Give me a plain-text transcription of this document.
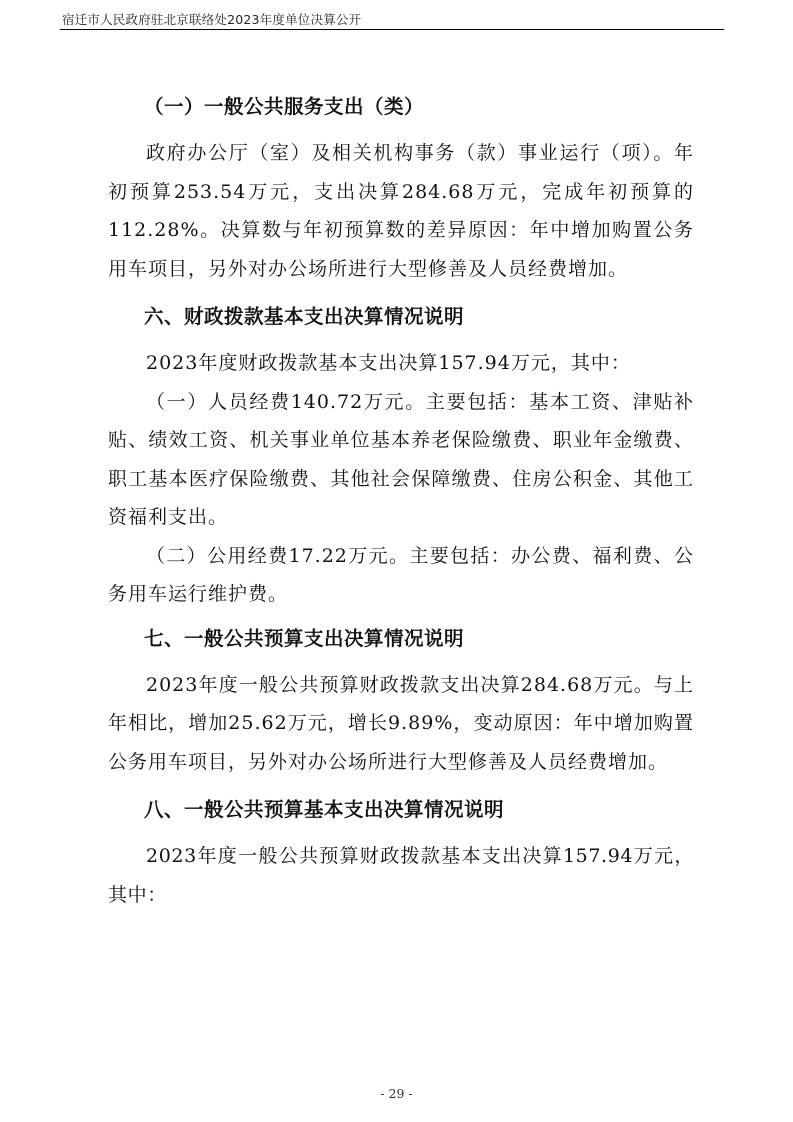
宿迁市人民政府驻北京联络处2023年度单位决算公开
（一）一般公共服务支出（类）
政府办公厅（室）及相关机构事务（款）事业运行（项）。年初预算253.54万元，支出决算284.68万元，完成年初预算的112.28%。决算数与年初预算数的差异原因：年中增加购置公务用车项目，另外对办公场所进行大型修善及人员经费增加。
六、财政拨款基本支出决算情况说明
2023年度财政拨款基本支出决算157.94万元，其中：
（一）人员经费140.72万元。主要包括：基本工资、津贴补贴、绩效工资、机关事业单位基本养老保险缴费、职业年金缴费、职工基本医疗保险缴费、其他社会保障缴费、住房公积金、其他工资福利支出。
（二）公用经费17.22万元。主要包括：办公费、福利费、公务用车运行维护费。
七、一般公共预算支出决算情况说明
2023年度一般公共预算财政拨款支出决算284.68万元。与上年相比，增加25.62万元，增长9.89%，变动原因：年中增加购置公务用车项目，另外对办公场所进行大型修善及人员经费增加。
八、一般公共预算基本支出决算情况说明
2023年度一般公共预算财政拨款基本支出决算157.94万元，其中：
- 29 -
